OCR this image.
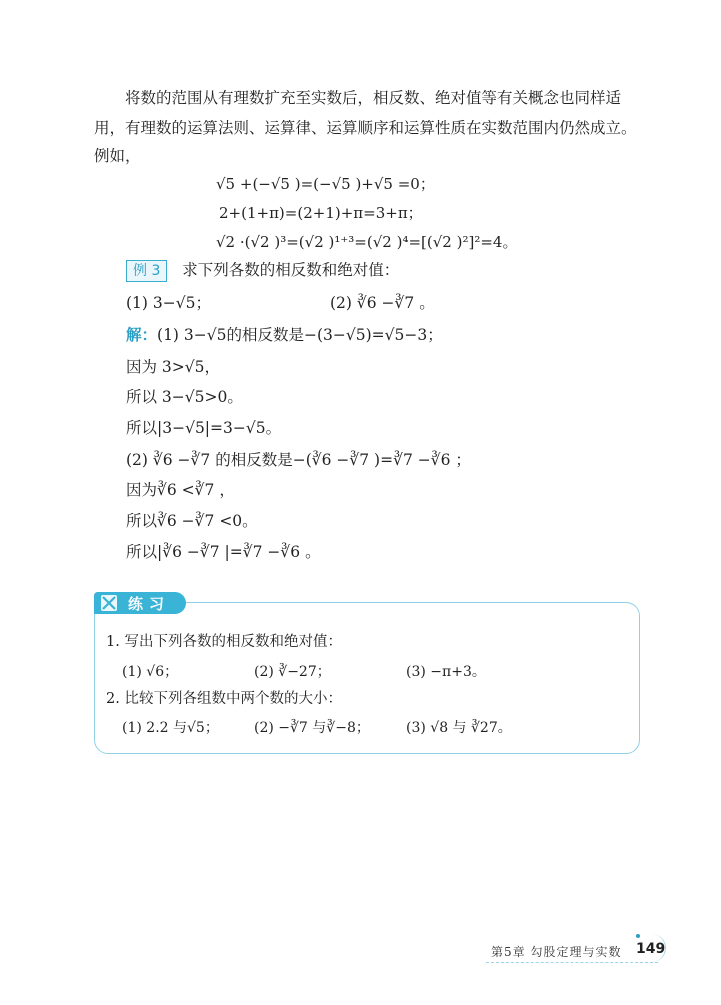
将数的范围从有理数扩充至实数后，相反数、绝对值等有关概念也同样适
用，有理数的运算法则、运算律、运算顺序和运算性质在实数范围内仍然成立。
例如，
√5 +(−√5 )=(−√5 )+√5 =0；
2+(1+π)=(2+1)+π=3+π；
√2 ·(√2 )³=(√2 )¹⁺³=(√2 )⁴=[(√2 )²]²=4。
例 3 求下列各数的相反数和绝对值：
(1) 3−√5；	(2) ∛6 −∛7 。
解：(1) 3−√5的相反数是−(3−√5)=√5−3；
因为 3>√5，
所以 3−√5>0。
所以|3−√5|=3−√5。
(2) ∛6 −∛7 的相反数是−(∛6 −∛7 )=∛7 −∛6 ；
因为∛6 <∛7 ，
所以∛6 −∛7 <0。
所以|∛6 −∛7 |=∛7 −∛6 。
练习
1. 写出下列各数的相反数和绝对值：
(1) √6；	(2) ∛−27；	(3) −π+3。
2. 比较下列各组数中两个数的大小：
(1) 2.2 与√5；	(2) −∛7 与∛−8；	(3) √8 与 ∛27。
第5章 勾股定理与实数 149
